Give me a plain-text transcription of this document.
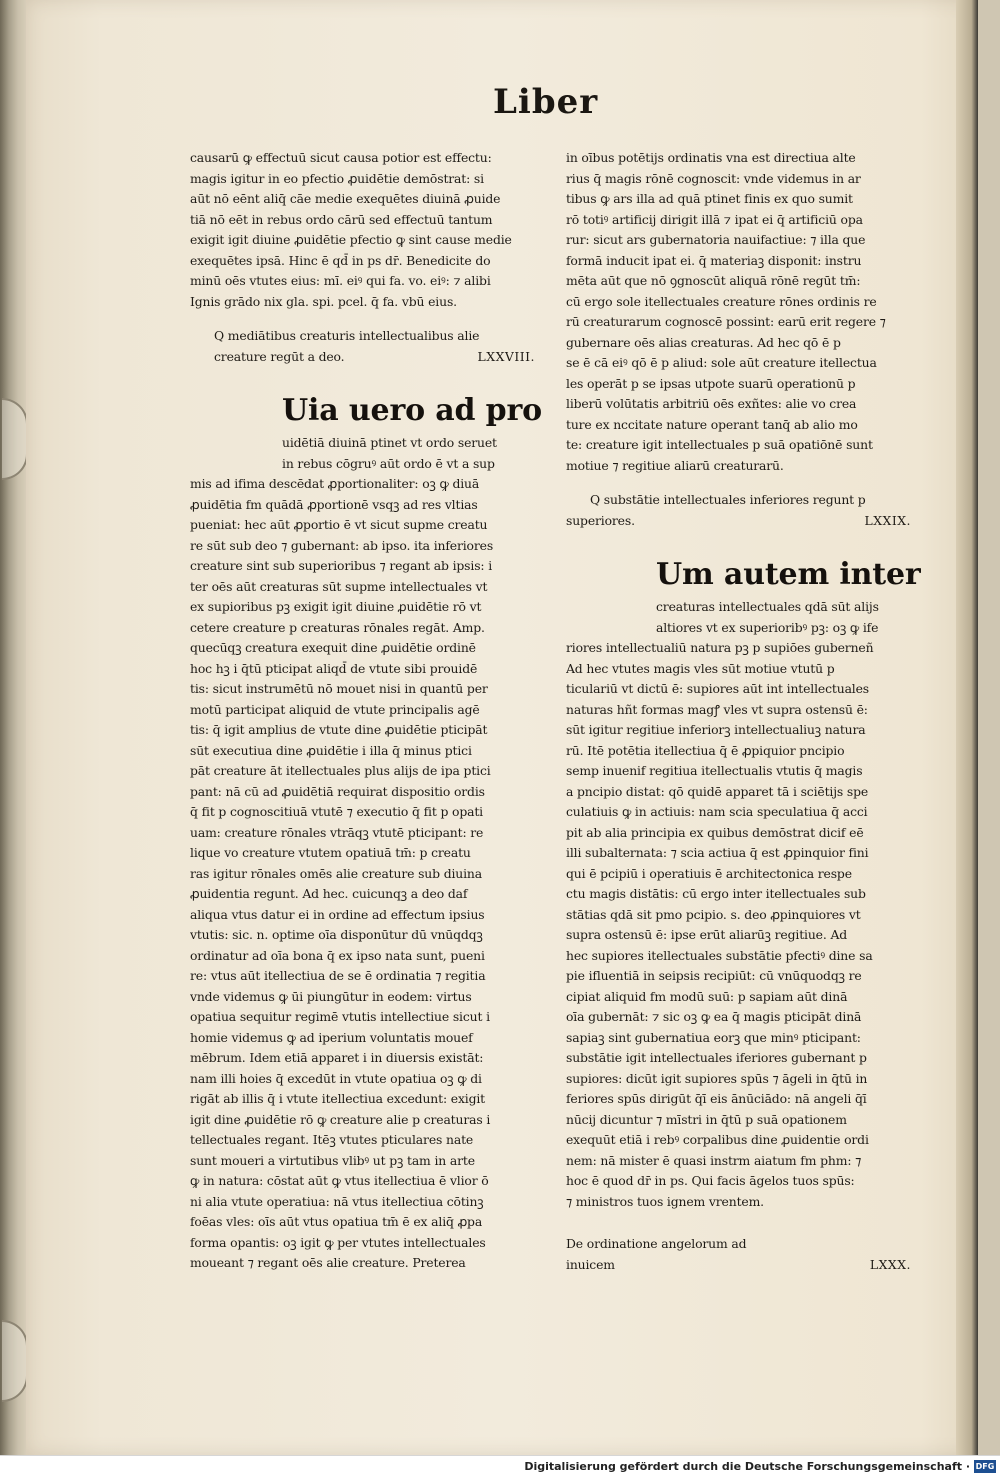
Liber
causarū ꝙ effectuū sicut causa potior est effectu:
magis igitur in eo pfectio ꝓuidētie demōstrat: si
aūt nō eēnt aliq̄ cāe medie exequētes diuinā ꝓuide
tiā nō eēt in rebus ordo cārū sed effectuū tantum
exigit igit diuine ꝓuidētie pfectio ꝙ sint cause medie
exequētes ipsā. Hinc ē qd̄ in ps dr̄. Benedicite do
minū oēs vtutes eius: mī. eiꝰ qui fa. vo. eiꝰ: ⁊ alibi
Ignis grādo nix gla. spi. pcel. q̄ fa. vbū eius.
Q mediātibus creaturis intellectualibus alie
creature regūt a deo.	LXXVIII.
Uia uero ad pro
uidētiā diuinā ptinet vt ordo seruet
in rebus cōgruꝰ aūt ordo ē vt a sup
mis ad ifima descēdat ꝓportionaliter: oꝫ ꝙ diuā
ꝓuidētia fm quādā ꝓportionē vsqꝫ ad res vltias
pueniat: hec aūt ꝓportio ē vt sicut supme creatu
re sūt sub deo ⁊ gubernant: ab ipso. ita inferiores
creature sint sub superioribus ⁊ regant ab ipsis: i
ter oēs aūt creaturas sūt supme intellectuales vt
ex supioribus pꝫ exigit igit diuine ꝓuidētie rō vt
cetere creature p creaturas rōnales regāt. Amp.
quecūqꝫ creatura exequit dine ꝓuidētie ordinē
hoc hꝫ i q̄tū pticipat aliqd̄ de vtute sibi prouidē
tis: sicut instrumētū nō mouet nisi in quantū per
motū participat aliquid de vtute principalis agē
tis: q̄ igit amplius de vtute dine ꝓuidētie pticipāt
sūt executiua dine ꝓuidētie i illa q̄ minus ptici
pāt creature āt itellectuales plus alijs de ipa ptici
pant: nā cū ad ꝓuidētiā requirat dispositio ordis
q̄ fit p cognoscitiuā vtutē ⁊ executio q̄ fit p opati
uam: creature rōnales vtrāqꝫ vtutē pticipant: re
lique vo creature vtutem opatiuā tm̄: p creatu
ras igitur rōnales omēs alie creature sub diuina
ꝓuidentia regunt. Ad hec. cuicunqꝫ a deo daf
aliqua vtus datur ei in ordine ad effectum ipsius
vtutis: sic. n. optime oīa disponūtur dū vnūqdqꝫ
ordinatur ad oīa bona q̄ ex ipso nata sunt, pueni
re: vtus aūt itellectiua de se ē ordinatia ⁊ regitia
vnde videmus ꝙ ūi piungūtur in eodem: virtus
opatiua sequitur regimē vtutis intellectiue sicut i
homie videmus ꝙ ad iperium voluntatis mouef
mēbrum. Idem etiā apparet i in diuersis existāt:
nam illi hoies q̄ excedūt in vtute opatiua oꝫ ꝙ di
rigāt ab illis q̄ i vtute itellectiua excedunt: exigit
igit dine ꝓuidētie rō ꝙ creature alie p creaturas i
tellectuales regant. Itēꝫ vtutes pticulares nate
sunt moueri a virtutibus vlibꝰ ut pꝫ tam in arte
ꝙ in natura: cōstat aūt ꝙ vtus itellectiua ē vlior ō
ni alia vtute operatiua: nā vtus itellectiua cōtinꝫ
foēas vles: oīs aūt vtus opatiua tm̄ ē ex aliq̄ ꝓpa
forma opantis: oꝫ igit ꝙ per vtutes intellectuales
moueant ⁊ regant oēs alie creature. Preterea
in oībus potētijs ordinatis vna est directiua alte
rius q̄ magis rōnē cognoscit: vnde videmus in ar
tibus ꝙ ars illa ad quā ptinet finis ex quo sumit
rō totiꝰ artificij dirigit illā ⁊ ipat ei q̄ artificiū opa
rur: sicut ars gubernatoria nauifactiue: ⁊ illa que
formā inducit ipat ei. q̄ materiaꝫ disponit: instru
mēta aūt que nō ꝯgnoscūt aliquā rōnē regūt tm̄:
cū ergo sole itellectuales creature rōnes ordinis re
rū creaturarum cognoscē possint: earū erit regere ⁊
gubernare oēs alias creaturas. Ad hec qō ē p
se ē cā eiꝰ qō ē p aliud: sole aūt creature itellectua
les operāt p se ipsas utpote suarū operationū p
liberū volūtatis arbitriū oēs exñtes: alie vo crea
ture ex nccitate nature operant tanq̄ ab alio mo
te: creature igit intellectuales p suā opatiōnē sunt
motiue ⁊ regitiue aliarū creaturarū.
Q substātie intellectuales inferiores regunt p
superiores.	LXXIX.
Um autem inter
creaturas intellectuales qdā sūt alijs
altiores vt ex superioribꝰ pꝫ: oꝫ ꝙ ife
riores intellectualiū natura pꝫ p supiōes guberneñ
Ad hec vtutes magis vles sūt motiue vtutū p
ticulariū vt dictū ē: supiores aūt int intellectuales
naturas hñt formas magꝭ vles vt supra ostensū ē:
sūt igitur regitiue inferiorꝫ intellectualiuꝫ natura
rū. Itē potētia itellectiua q̄ ē ꝓpiquior pncipio
semp inuenif regitiua itellectualis vtutis q̄ magis
a pncipio distat: qō quidē apparet tā i sciētijs spe
culatiuis ꝙ in actiuis: nam scia speculatiua q̄ acci
pit ab alia principia ex quibus demōstrat dicif eē
illi subalternata: ⁊ scia actiua q̄ est ꝓpinquior fini
qui ē pcipiū i operatiuis ē architectonica respe
ctu magis distātis: cū ergo inter itellectuales sub
stātias qdā sit pmo pcipio. s. deo ꝓpinquiores vt
supra ostensū ē: ipse erūt aliarūꝫ regitiue. Ad
hec supiores itellectuales substātie pfectiꝰ dine sa
pie ifluentiā in seipsis recipiūt: cū vnūquodqꝫ re
cipiat aliquid fm modū suū: p sapiam aūt dinā
oīa gubernāt: ⁊ sic oꝫ ꝙ ea q̄ magis pticipāt dinā
sapiaꝫ sint gubernatiua eorꝫ que minꝰ pticipant:
substātie igit intellectuales iferiores gubernant p
supiores: dicūt igit supiores spūs ⁊ āgeli in q̄tū in
feriores spūs dirigūt q̄ī eis ānūciādo: nā angeli q̄ī
nūcij dicuntur ⁊ mīstri in q̄tū p suā opationem
exequūt etiā i rebꝰ corpalibus dine ꝓuidentie ordi
nem: nā mister ē quasi instrm aiatum fm phm: ⁊
hoc ē quod dr̄ in ps. Qui facis āgelos tuos spūs:
⁊ ministros tuos ignem vrentem.
De ordinatione angelorum ad
inuicem	LXXX.
Digitalisierung gefördert durch die Deutsche Forschungsgemeinschaft · DFG
